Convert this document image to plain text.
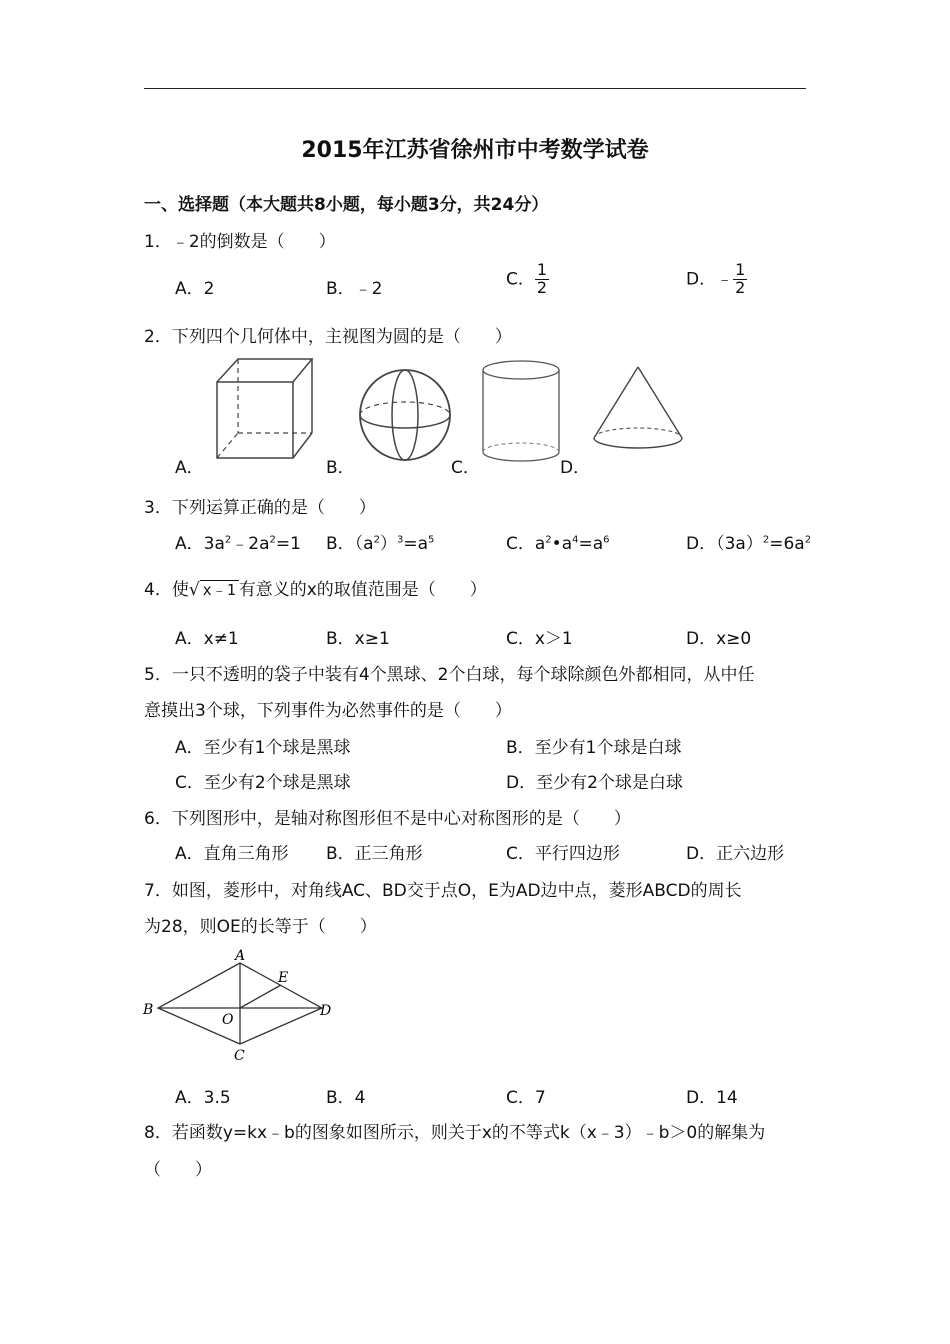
2015年江苏省徐州市中考数学试卷
一、选择题（本大题共8小题，每小题3分，共24分）
1．﹣2的倒数是（　　）
A．2	B．﹣2	C． $\frac{1}{2}$	D．﹣ $\frac{1}{2}$
2．下列四个几何体中，主视图为圆的是（　　）
A．	B．	C．	D．
3．下列运算正确的是（　　）
A．$3a^2﹣2a^2=1$ B．$(a^2)^3=a^5$	C．$a^2•a^4=a^6$	D．$(3a)^2=6a^2$
4．使√ x﹣1 有意义的x的取值范围是（　　）
A．x≠1	B．x≥1	C．x＞1	D．x≥0
5．一只不透明的袋子中装有4个黑球、2个白球，每个球除颜色外都相同，从中任
意摸出3个球，下列事件为必然事件的是（　　）
A．至少有1个球是黑球	B．至少有1个球是白球
C．至少有2个球是黑球	D．至少有2个球是白球
6．下列图形中，是轴对称图形但不是中心对称图形的是（　　）
A．直角三角形 B．正三角形	C．平行四边形	D．正六边形
7．如图，菱形中，对角线AC、BD交于点O，E为AD边中点，菱形ABCD的周长
为28，则OE的长等于（　　）
A
B
C
D
E
O
A．3.5	B．4	C．7	D．14
8．若函数y=kx﹣b的图象如图所示，则关于x的不等式k（x﹣3）﹣b＞0的解集为
（　　）
